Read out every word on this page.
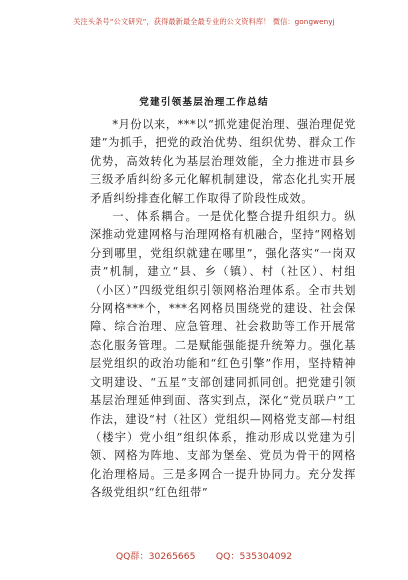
关注头条号“公文研究”，获得最新最全最专业的公文资料库！ 微信：gongwenyj
党建引领基层治理工作总结

*月份以来，***以“抓党建促治理、强治理促党建”为抓手，把党的政治优势、组织优势、群众工作优势，高效转化为基层治理效能，全力推进市县乡三级矛盾纠纷多元化解机制建设，常态化扎实开展矛盾纠纷排查化解工作取得了阶段性成效。

一、体系耦合。一是优化整合提升组织力。纵深推动党建网格与治理网格有机融合，坚持“网格划分到哪里，党组织就建在哪里”，强化落实“一岗双责”机制，建立“县、乡（镇）、村（社区）、村组（小区）”四级党组织引领网格治理体系。全市共划分网格***个，***名网格员围绕党的建设、社会保障、综合治理、应急管理、社会救助等工作开展常态化服务管理。二是赋能强能提升统筹力。强化基层党组织的政治功能和“红色引擎”作用，坚持精神文明建设、“五星”支部创建同抓同创。把党建引领基层治理延伸到面、落实到点，深化“党员联户”工作法，建设“村（社区）党组织—网格党支部—村组（楼宇）党小组”组织体系，推动形成以党建为引领、网格为阵地、支部为堡垒、党员为骨干的网格化治理格局。三是多网合一提升协同力。充分发挥各级党组织“红色纽带”

QQ群：30265665       QQ：535304092
